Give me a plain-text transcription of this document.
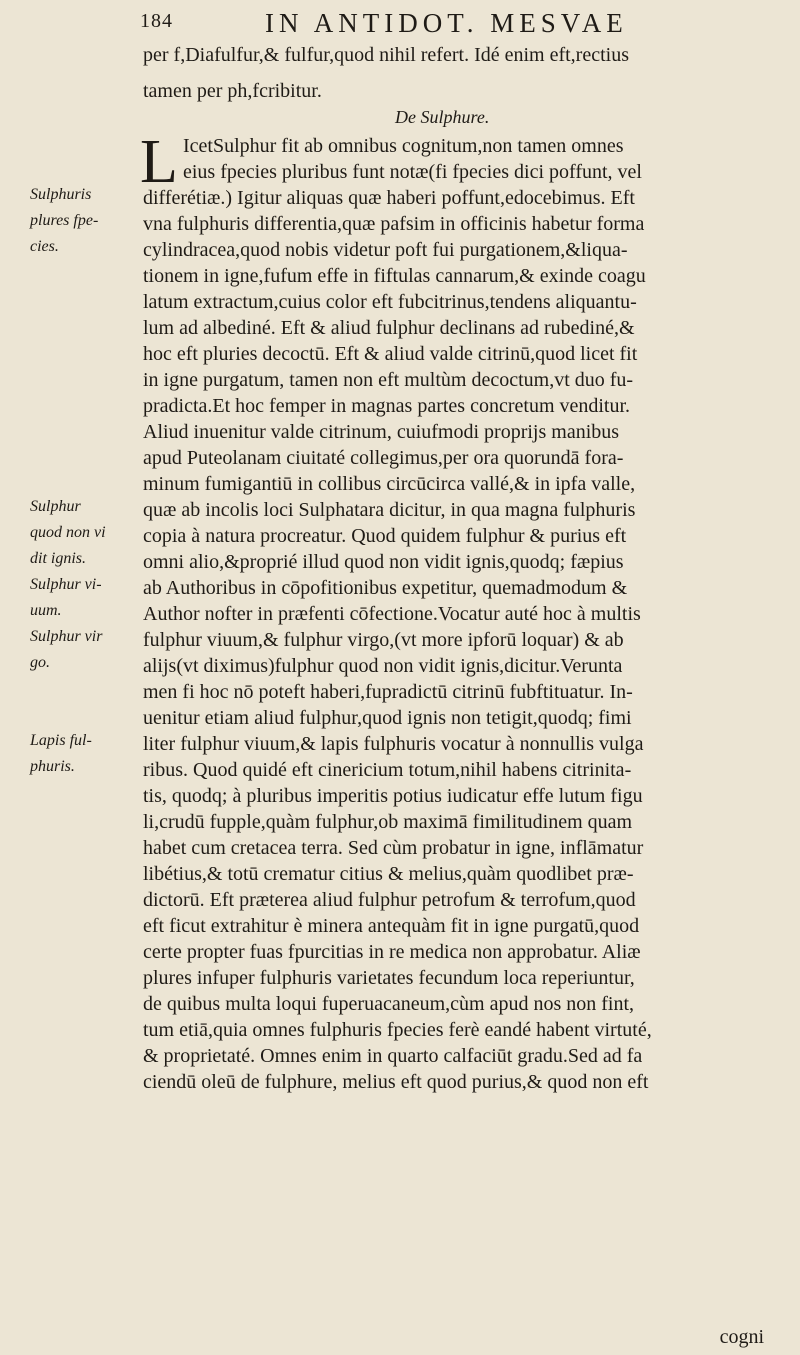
184	IN ANTIDOT. MESVAE
per f,Diafulfur,& fulfur,quod nihil refert. Idé enim eft,rectius
tamen per ph,fcribitur.
De Sulphure.
L IcetSulphur fit ab omnibus cognitum,non tamen omnes
eius fpecies pluribus funt notæ(fi fpecies dici poffunt, vel
differétiæ.) Igitur aliquas quæ haberi poffunt,edocebimus. Eft
vna fulphuris differentia,quæ pafsim in officinis habetur forma
cylindracea,quod nobis videtur poft fui purgationem,&liqua-
tionem in igne,fufum effe in fiftulas cannarum,& exinde coagu
latum extractum,cuius color eft fubcitrinus,tendens aliquantu-
lum ad albediné. Eft & aliud fulphur declinans ad rubediné,&
hoc eft pluries decoctū. Eft & aliud valde citrinū,quod licet fit
in igne purgatum, tamen non eft multùm decoctum,vt duo fu-
pradicta.Et hoc femper in magnas partes concretum venditur.
Aliud inuenitur valde citrinum, cuiufmodi proprijs manibus
apud Puteolanam ciuitaté collegimus,per ora quorundā fora-
minum fumigantiū in collibus circūcirca vallé,& in ipfa valle,
quæ ab incolis loci Sulphatara dicitur, in qua magna fulphuris
copia à natura procreatur. Quod quidem fulphur & purius eft
omni alio,&proprié illud quod non vidit ignis,quodq; fæpius
ab Authoribus in cōpofitionibus expetitur, quemadmodum &
Author nofter in præfenti cōfectione.Vocatur auté hoc à multis
fulphur viuum,& fulphur virgo,(vt more ipforū loquar) & ab
alijs(vt diximus)fulphur quod non vidit ignis,dicitur.Verunta
men fi hoc nō poteft haberi,fupradictū citrinū fubftituatur. In-
uenitur etiam aliud fulphur,quod ignis non tetigit,quodq; fimi
liter fulphur viuum,& lapis fulphuris vocatur à nonnullis vulga
ribus. Quod quidé eft cinericium totum,nihil habens citrinita-
tis, quodq; à pluribus imperitis potius iudicatur effe lutum figu
li,crudū fupple,quàm fulphur,ob maximā fimilitudinem quam
habet cum cretacea terra. Sed cùm probatur in igne, inflāmatur
libétius,& totū crematur citius & melius,quàm quodlibet præ-
dictorū. Eft præterea aliud fulphur petrofum & terrofum,quod
eft ficut extrahitur è minera antequàm fit in igne purgatū,quod
certe propter fuas fpurcitias in re medica non approbatur. Aliæ
plures infuper fulphuris varietates fecundum loca reperiuntur,
de quibus multa loqui fuperuacaneum,cùm apud nos non fint,
tum etiā,quia omnes fulphuris fpecies ferè eandé habent virtuté,
& proprietaté. Omnes enim in quarto calfaciūt gradu.Sed ad fa
ciendū oleū de fulphure, melius eft quod purius,& quod non eft
cogni
Sulphuris
plures fpe-
cies.
Sulphur
quod non vi
dit ignis.
Sulphur vi-
uum.
Sulphur vir
go.
Lapis ful-
phuris.
